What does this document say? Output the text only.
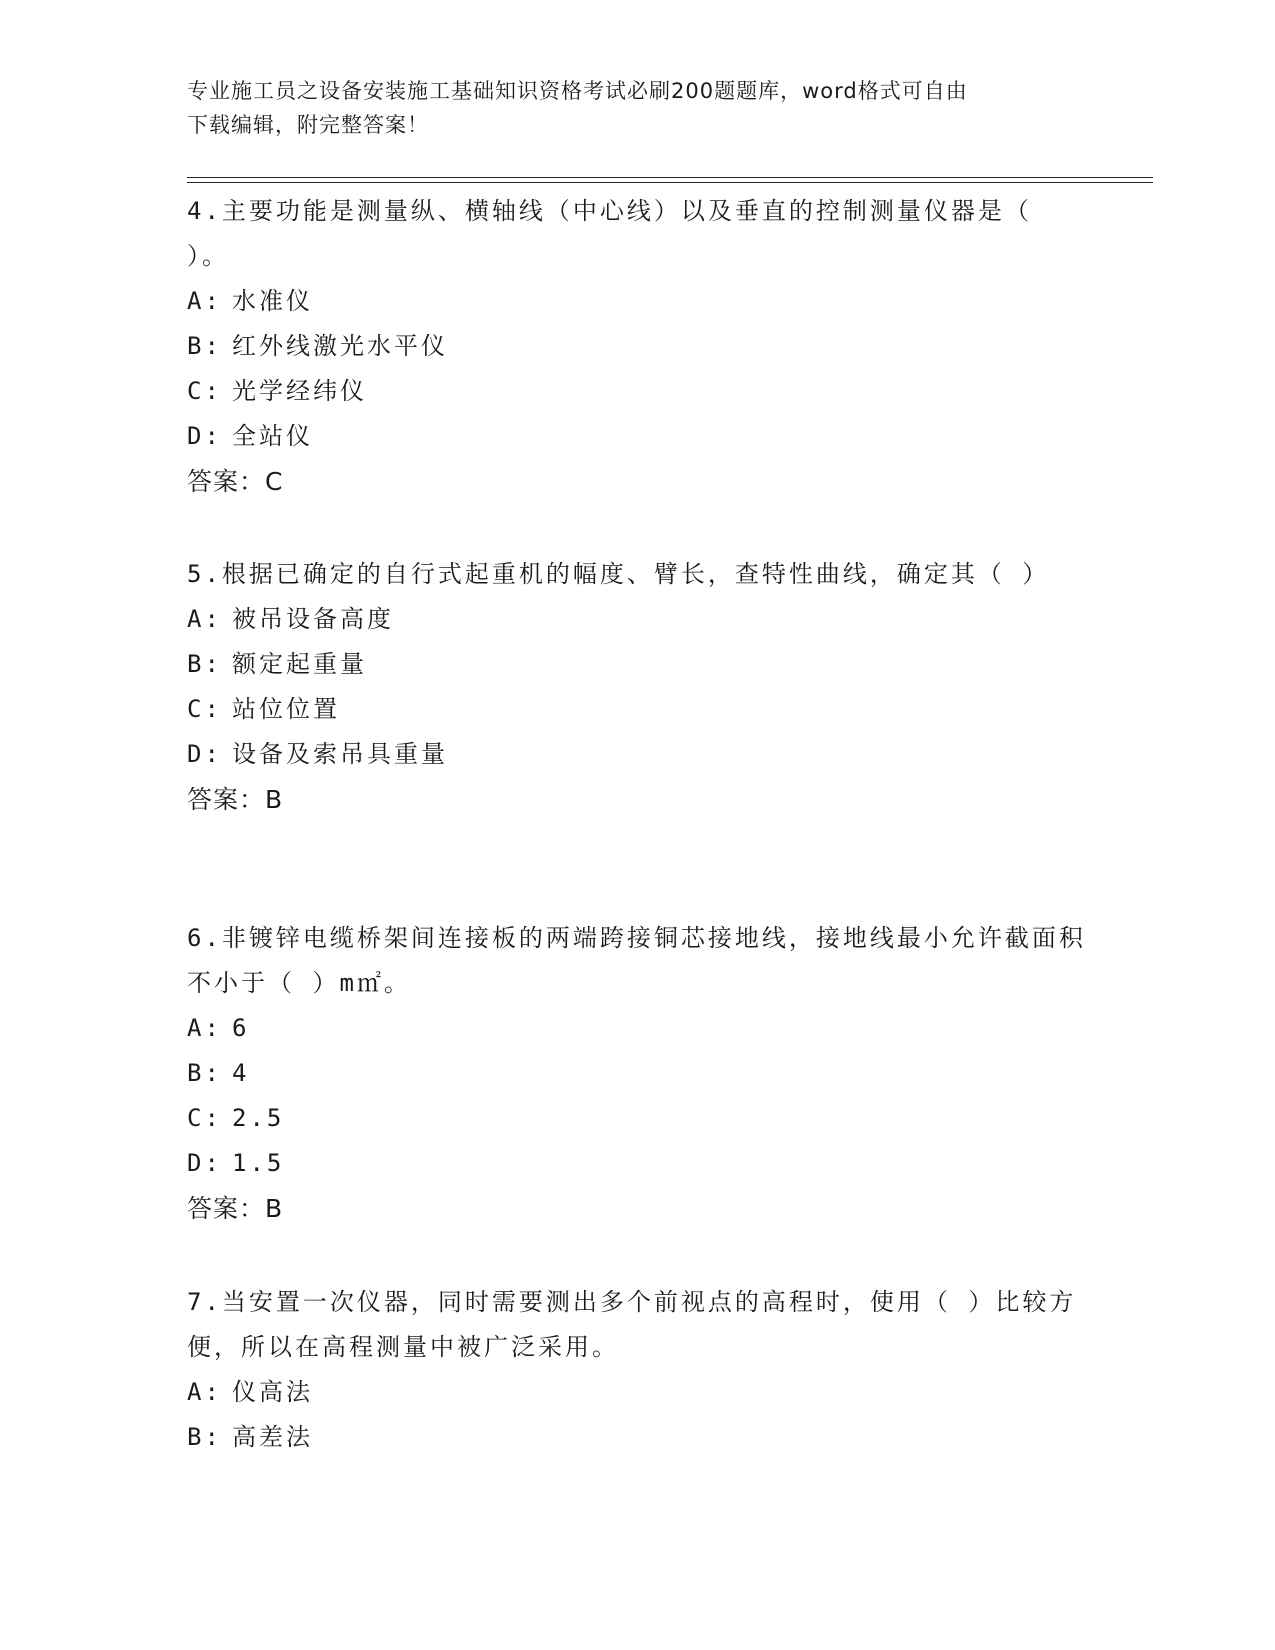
专业施工员之设备安装施工基础知识资格考试必刷200题题库，word格式可自由
下载编辑，附完整答案！
4.主要功能是测量纵、横轴线（中心线）以及垂直的控制测量仪器是（ ）。
A: 水准仪
B: 红外线激光水平仪
C: 光学经纬仪
D: 全站仪
答案：C
5.根据已确定的自行式起重机的幅度、臂长，查特性曲线，确定其（ ）
A: 被吊设备高度
B: 额定起重量
C: 站位位置
D: 设备及索吊具重量
答案：B
6.非镀锌电缆桥架间连接板的两端跨接铜芯接地线，接地线最小允许截面积不小于（ ）m㎡。
A: 6
B: 4
C: 2.5
D: 1.5
答案：B
7.当安置一次仪器，同时需要测出多个前视点的高程时，使用（ ）比较方便，所以在高程测量中被广泛采用。
A: 仪高法
B: 高差法
